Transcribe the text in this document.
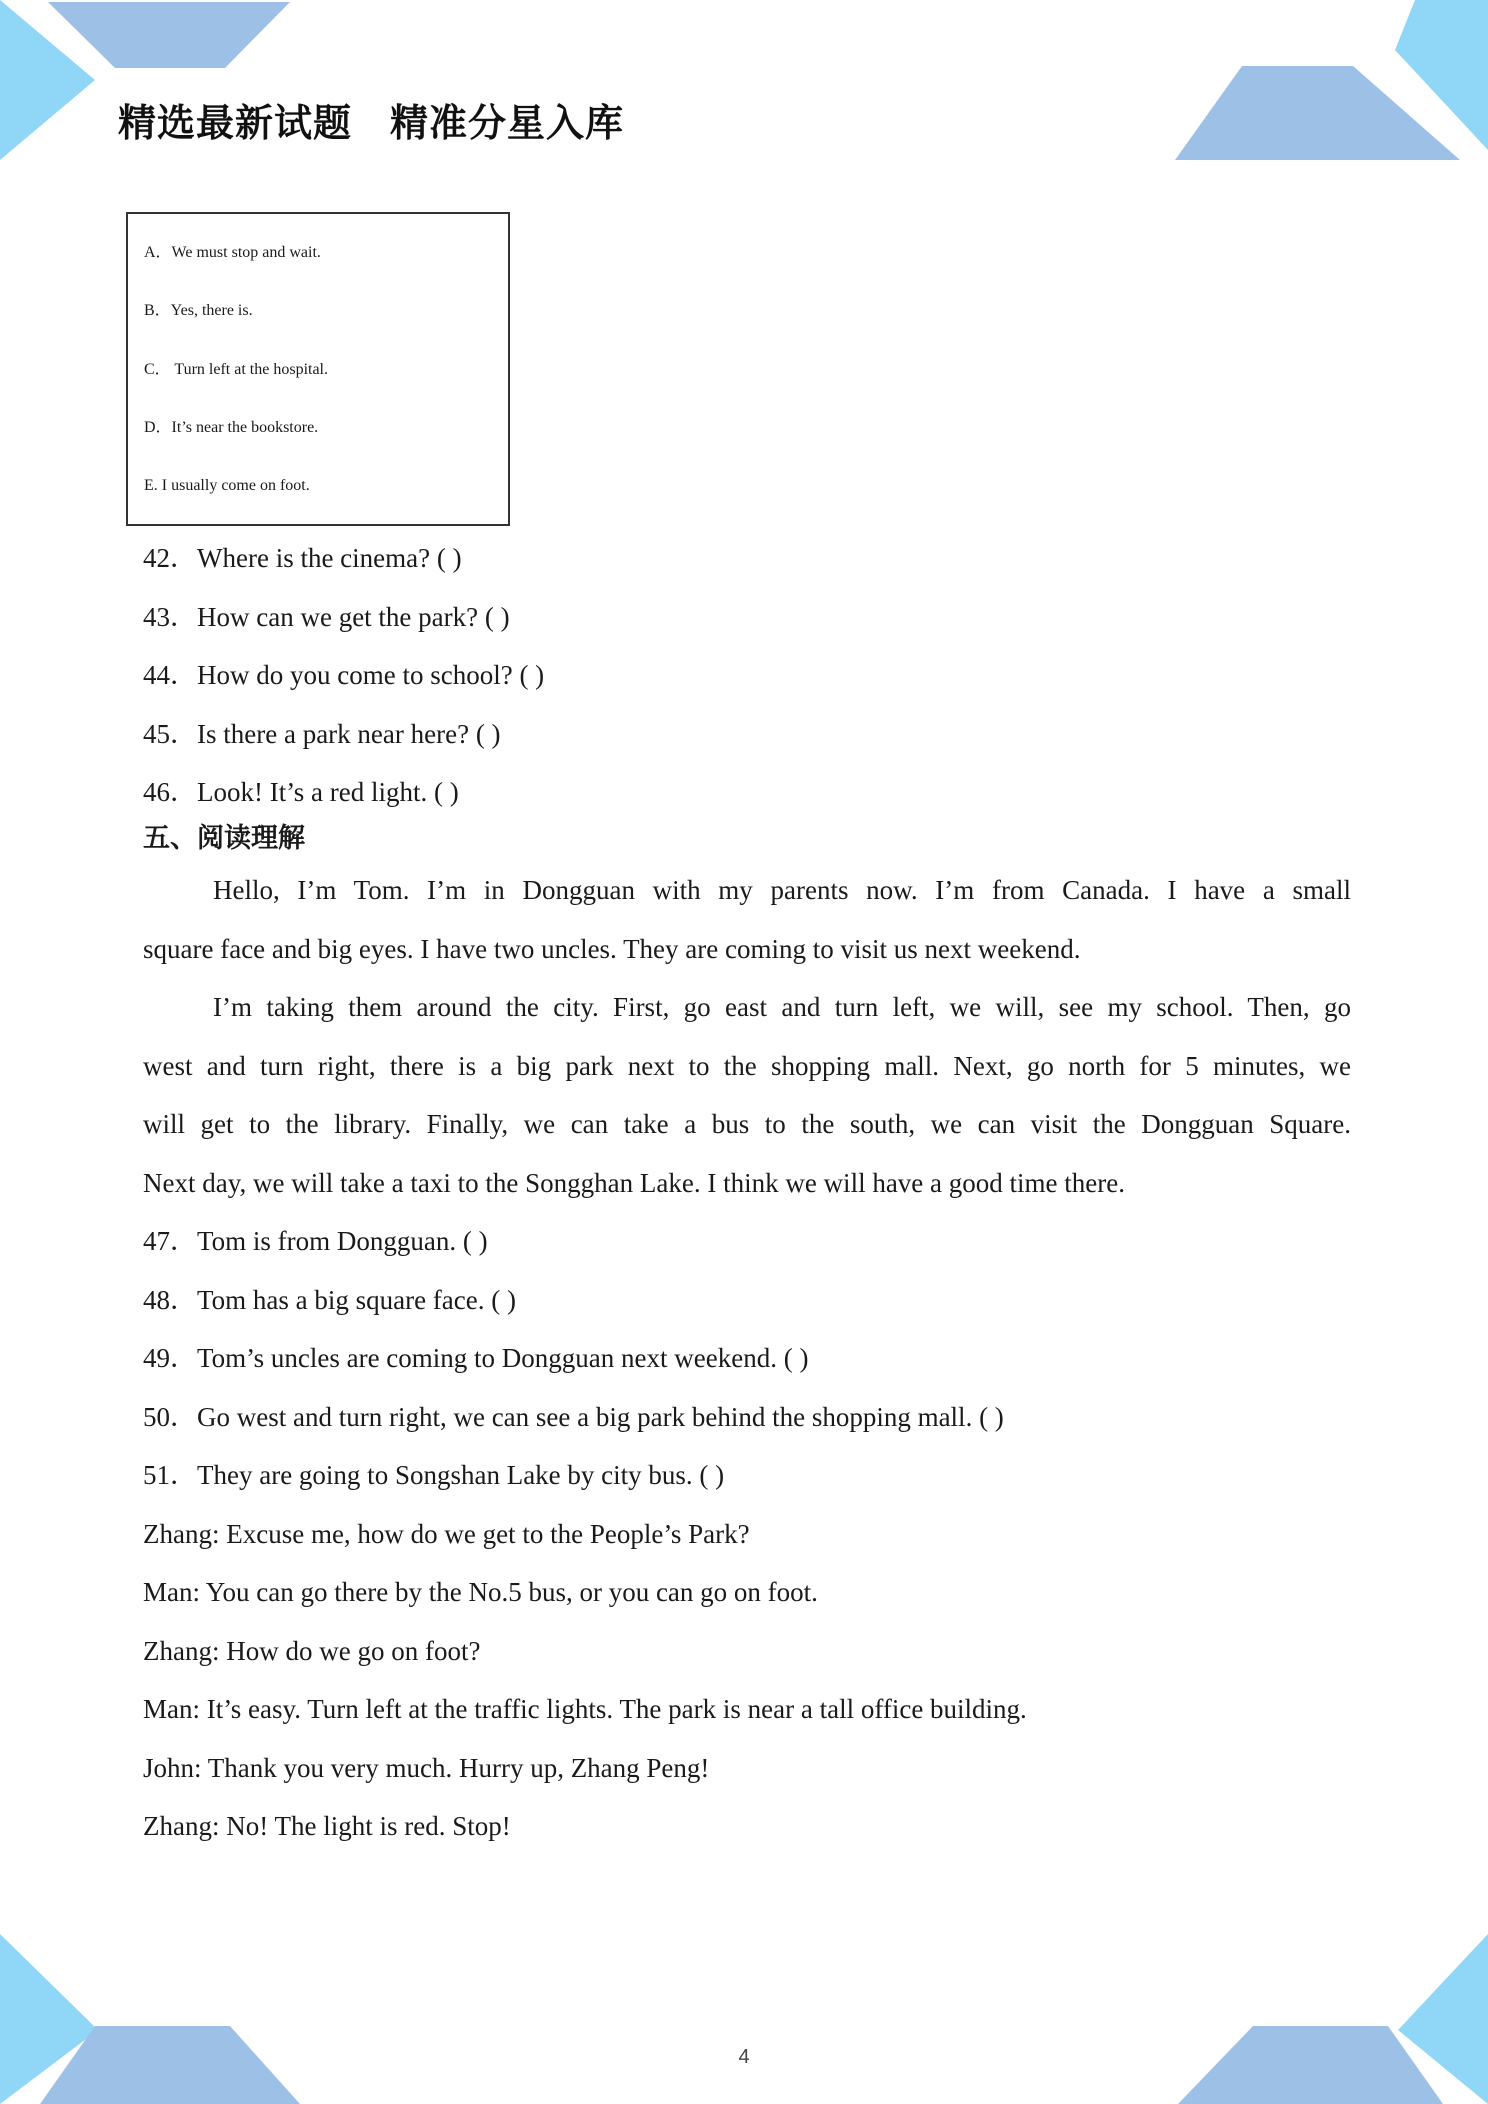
精选最新试题 精准分星入库
A．We must stop and wait.
B．Yes, there is.
C． Turn left at the hospital.
D．It’s near the bookstore.
E. I usually come on foot.
42．Where is the cinema? ( )
43．How can we get the park? ( )
44．How do you come to school? ( )
45．Is there a park near here? ( )
46．Look! It’s a red light. ( )
五、阅读理解
Hello, I’m Tom. I’m in Dongguan with my parents now. I’m from Canada. I have a small
square face and big eyes. I have two uncles. They are coming to visit us next weekend.
I’m taking them around the city. First, go east and turn left, we will, see my school. Then, go
west and turn right, there is a big park next to the shopping mall. Next, go north for 5 minutes, we
will get to the library. Finally, we can take a bus to the south, we can visit the Dongguan Square.
Next day, we will take a taxi to the Songghan Lake. I think we will have a good time there.
47．Tom is from Dongguan. ( )
48．Tom has a big square face. ( )
49．Tom’s uncles are coming to Dongguan next weekend. ( )
50．Go west and turn right, we can see a big park behind the shopping mall. ( )
51．They are going to Songshan Lake by city bus. ( )
Zhang: Excuse me, how do we get to the People’s Park?
Man: You can go there by the No.5 bus, or you can go on foot.
Zhang: How do we go on foot?
Man: It’s easy. Turn left at the traffic lights. The park is near a tall office building.
John: Thank you very much. Hurry up, Zhang Peng!
Zhang: No! The light is red. Stop!
4
